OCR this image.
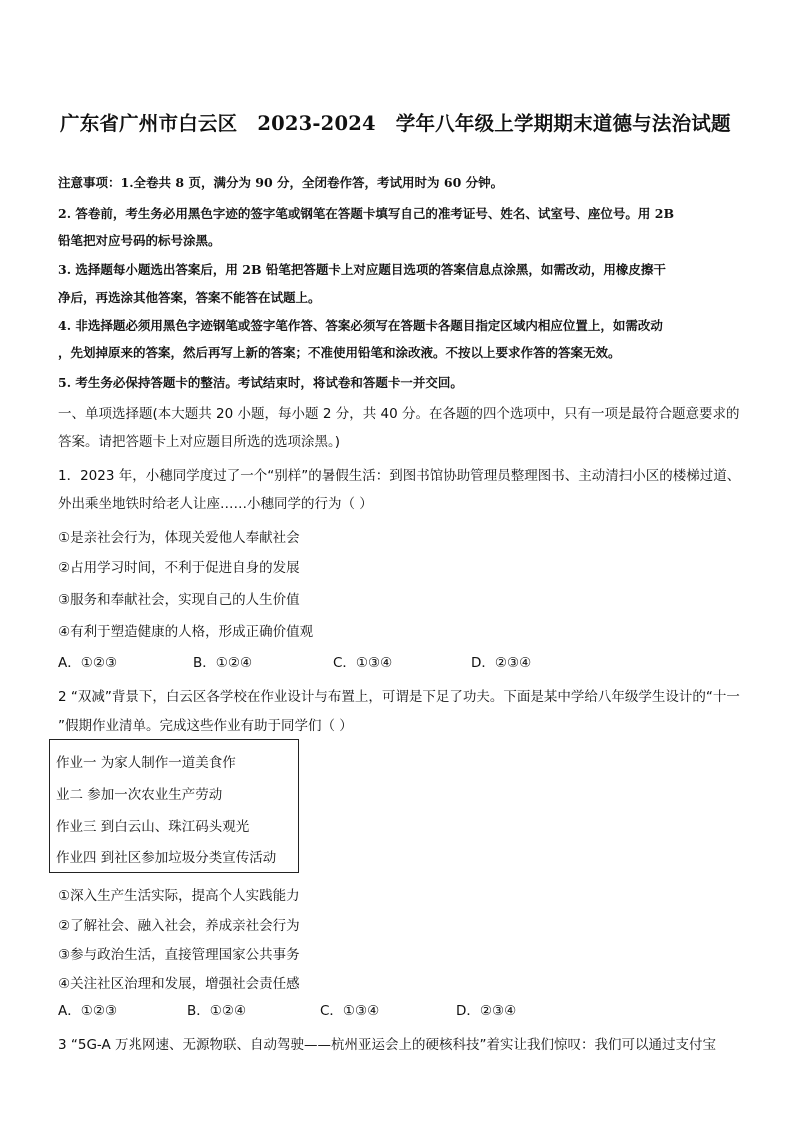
广东省广州市白云区 2023-2024 学年八年级上学期期末道德与法治试题
注意事项：1.全卷共 8 页，满分为 90 分，全闭卷作答，考试用时为 60 分钟。
2. 答卷前，考生务必用黑色字迹的签字笔或钢笔在答题卡填写自己的准考证号、姓名、试室号、座位号。用 2B
铅笔把对应号码的标号涂黑。
3. 选择题每小题选出答案后，用 2B 铅笔把答题卡上对应题目选项的答案信息点涂黑，如需改动，用橡皮擦干
净后，再选涂其他答案，答案不能答在试题上。
4. 非选择题必须用黑色字迹钢笔或签字笔作答、答案必须写在答题卡各题目指定区域内相应位置上，如需改动
，先划掉原来的答案，然后再写上新的答案；不准使用铅笔和涂改液。不按以上要求作答的答案无效。
5. 考生务必保持答题卡的整洁。考试结束时，将试卷和答题卡一并交回。
一、单项选择题(本大题共 20 小题，每小题 2 分，共 40 分。在各题的四个选项中，只有一项是最符合题意要求的
答案。请把答题卡上对应题目所选的选项涂黑。)
1．2023 年，小穗同学度过了一个“别样”的暑假生活：到图书馆协助管理员整理图书、主动清扫小区的楼梯过道、
外出乘坐地铁时给老人让座……小穗同学的行为（ ）
①是亲社会行为，体现关爱他人奉献社会
②占用学习时间，不利于促进自身的发展
③服务和奉献社会，实现自己的人生价值
④有利于塑造健康的人格，形成正确价值观
A．①②③	B．①②④	C．①③④	D．②③④
2 “双减”背景下，白云区各学校在作业设计与布置上，可谓是下足了功夫。下面是某中学给八年级学生设计的“十一
”假期作业清单。完成这些作业有助于同学们（ ）
作业一 为家人制作一道美食作
业二 参加一次农业生产劳动
作业三 到白云山、珠江码头观光
作业四 到社区参加垃圾分类宣传活动
①深入生产生活实际，提高个人实践能力
②了解社会、融入社会，养成亲社会行为
③参与政治生活，直接管理国家公共事务
④关注社区治理和发展，增强社会责任感
A．①②③	B．①②④	C．①③④	D．②③④
3 “5G-A 万兆网速、无源物联、自动驾驶——杭州亚运会上的硬核科技”着实让我们惊叹：我们可以通过支付宝
